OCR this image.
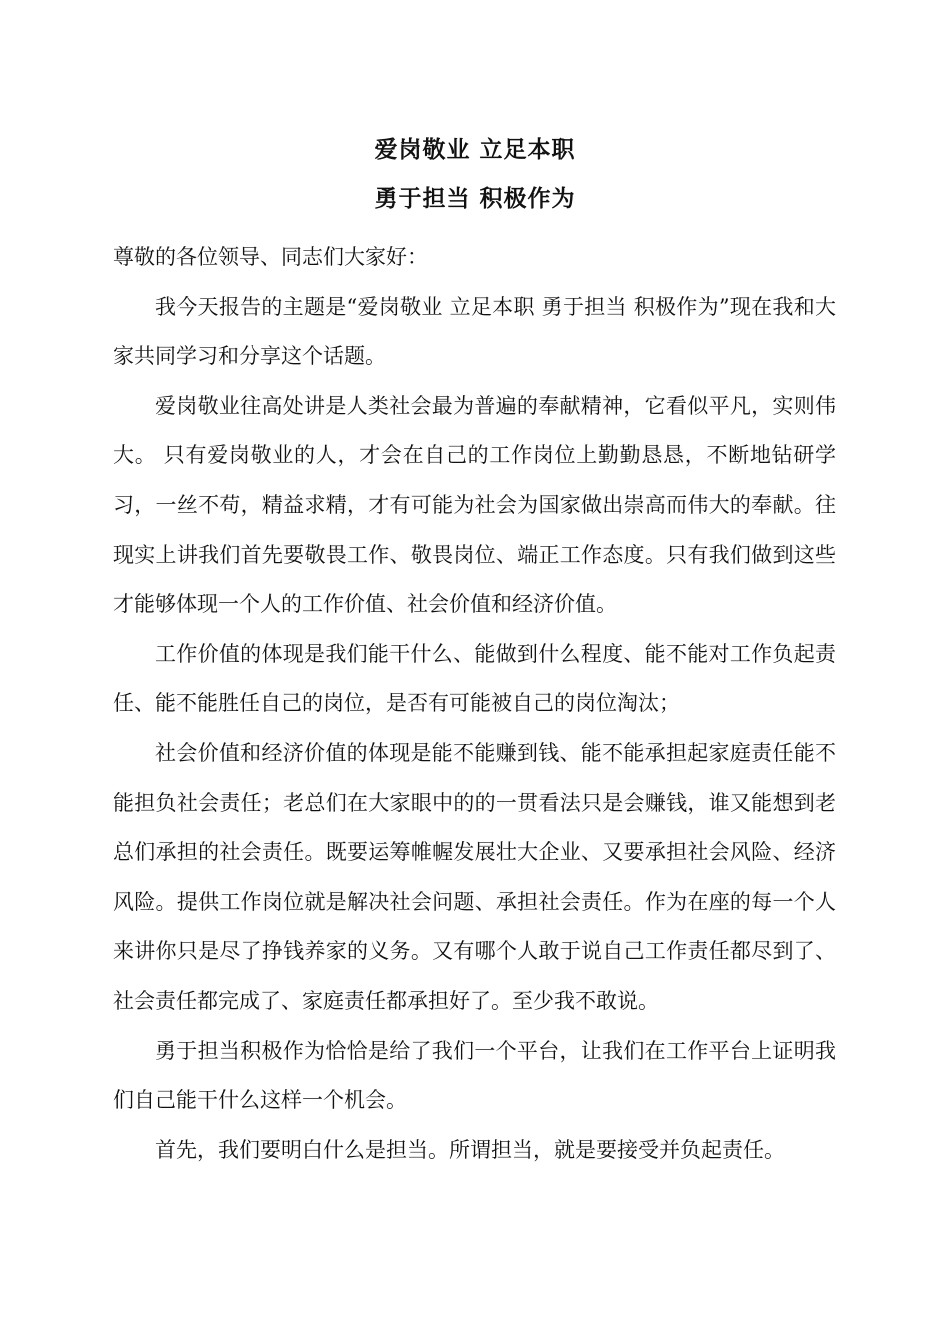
爱岗敬业 立足本职
勇于担当 积极作为

尊敬的各位领导、同志们大家好：

我今天报告的主题是“爱岗敬业 立足本职 勇于担当 积极作为”现在我和大家共同学习和分享这个话题。

爱岗敬业往高处讲是人类社会最为普遍的奉献精神，它看似平凡，实则伟大。 只有爱岗敬业的人，才会在自己的工作岗位上勤勤恳恳，不断地钻研学习，一丝不苟，精益求精，才有可能为社会为国家做出崇高而伟大的奉献。往现实上讲我们首先要敬畏工作、敬畏岗位、端正工作态度。只有我们做到这些才能够体现一个人的工作价值、社会价值和经济价值。

工作价值的体现是我们能干什么、能做到什么程度、能不能对工作负起责任、能不能胜任自己的岗位，是否有可能被自己的岗位淘汰；

社会价值和经济价值的体现是能不能赚到钱、能不能承担起家庭责任能不能担负社会责任；老总们在大家眼中的的一贯看法只是会赚钱，谁又能想到老总们承担的社会责任。既要运筹帷幄发展壮大企业、又要承担社会风险、经济风险。提供工作岗位就是解决社会问题、承担社会责任。作为在座的每一个人来讲你只是尽了挣钱养家的义务。又有哪个人敢于说自己工作责任都尽到了、社会责任都完成了、家庭责任都承担好了。至少我不敢说。

勇于担当积极作为恰恰是给了我们一个平台，让我们在工作平台上证明我们自己能干什么这样一个机会。

首先，我们要明白什么是担当。所谓担当，就是要接受并负起责任。
